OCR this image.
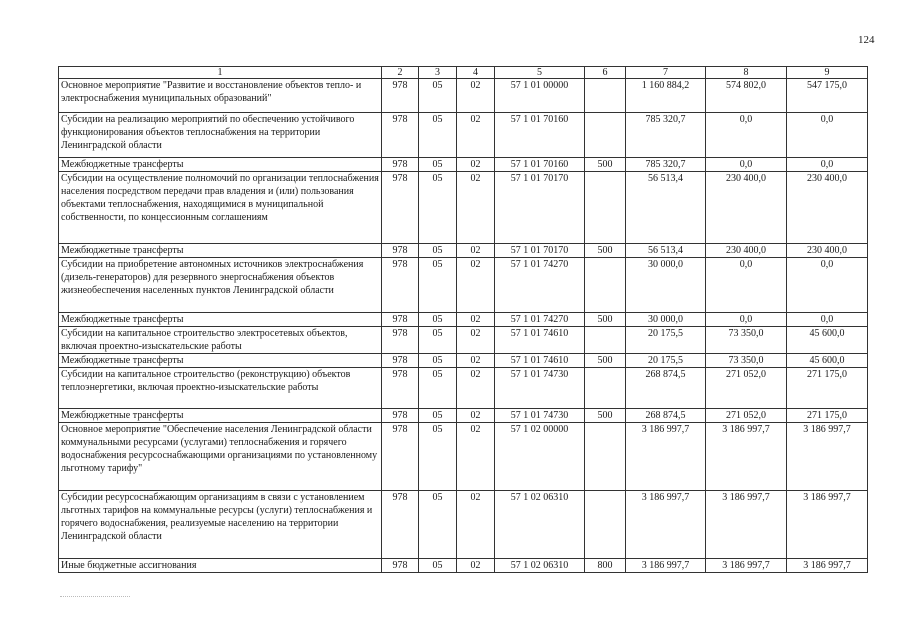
124
1	2	3	4	5	6	7	8	9
Основное мероприятие "Развитие и восстановление объектов тепло- и электроснабжения муниципальных образований"	978	05	02	57 1 01 00000		1 160 884,2	574 802,0	547 175,0
Субсидии на реализацию мероприятий по обеспечению устойчивого функционирования объектов теплоснабжения на территории Ленинградской области	978	05	02	57 1 01 70160		785 320,7	0,0	0,0
Межбюджетные трансферты	978	05	02	57 1 01 70160	500	785 320,7	0,0	0,0
Субсидии на осуществление полномочий по организации теплоснабжения населения посредством передачи прав владения и (или) пользования объектами теплоснабжения, находящимися в муниципальной собственности, по концессионным соглашениям	978	05	02	57 1 01 70170		56 513,4	230 400,0	230 400,0
Межбюджетные трансферты	978	05	02	57 1 01 70170	500	56 513,4	230 400,0	230 400,0
Субсидии на приобретение автономных источников электроснабжения (дизель-генераторов) для резервного энергоснабжения объектов жизнеобеспечения населенных пунктов Ленинградской области	978	05	02	57 1 01 74270		30 000,0	0,0	0,0
Межбюджетные трансферты	978	05	02	57 1 01 74270	500	30 000,0	0,0	0,0
Субсидии на капитальное строительство электросетевых объектов, включая проектно-изыскательские работы	978	05	02	57 1 01 74610		20 175,5	73 350,0	45 600,0
Межбюджетные трансферты	978	05	02	57 1 01 74610	500	20 175,5	73 350,0	45 600,0
Субсидии на капитальное строительство (реконструкцию) объектов теплоэнергетики, включая проектно-изыскательские работы	978	05	02	57 1 01 74730		268 874,5	271 052,0	271 175,0
Межбюджетные трансферты	978	05	02	57 1 01 74730	500	268 874,5	271 052,0	271 175,0
Основное мероприятие "Обеспечение населения Ленинградской области коммунальными ресурсами (услугами) теплоснабжения и горячего водоснабжения ресурсоснабжающими организациями по установленному льготному тарифу"	978	05	02	57 1 02 00000		3 186 997,7	3 186 997,7	3 186 997,7
Субсидии ресурсоснабжающим организациям в связи с установлением льготных тарифов на коммунальные ресурсы (услуги) теплоснабжения и горячего водоснабжения, реализуемые населению на территории Ленинградской области	978	05	02	57 1 02 06310		3 186 997,7	3 186 997,7	3 186 997,7
Иные бюджетные ассигнования	978	05	02	57 1 02 06310	800	3 186 997,7	3 186 997,7	3 186 997,7
